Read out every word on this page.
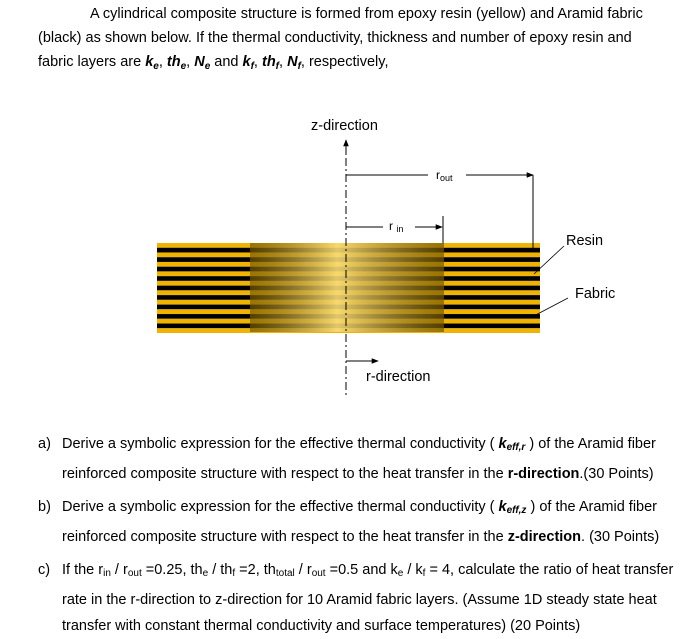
A cylindrical composite structure is formed from epoxy resin (yellow) and Aramid fabric
(black) as shown below. If the thermal conductivity, thickness and number of epoxy resin and
fabric layers are $k_e$, $th_e$, $N_e$ and $k_f$, $th_f$, $N_f$, respectively,
z-direction
r-direction
rout
r in
Resin
Fabric
a) Derive a symbolic expression for the effective thermal conductivity ( keff,r ) of the Aramid fiber
reinforced composite structure with respect to the heat transfer in the r-direction.(30 Points)
b) Derive a symbolic expression for the effective thermal conductivity ( keff,z ) of the Aramid fiber
reinforced composite structure with respect to the heat transfer in the z-direction. (30 Points)
c) If the rin / rout =0.25, the / thf =2, thtotal / rout =0.5 and ke / kf = 4, calculate the ratio of heat transfer
rate in the r-direction to z-direction for 10 Aramid fabric layers. (Assume 1D steady state heat
transfer with constant thermal conductivity and surface temperatures) (20 Points)
